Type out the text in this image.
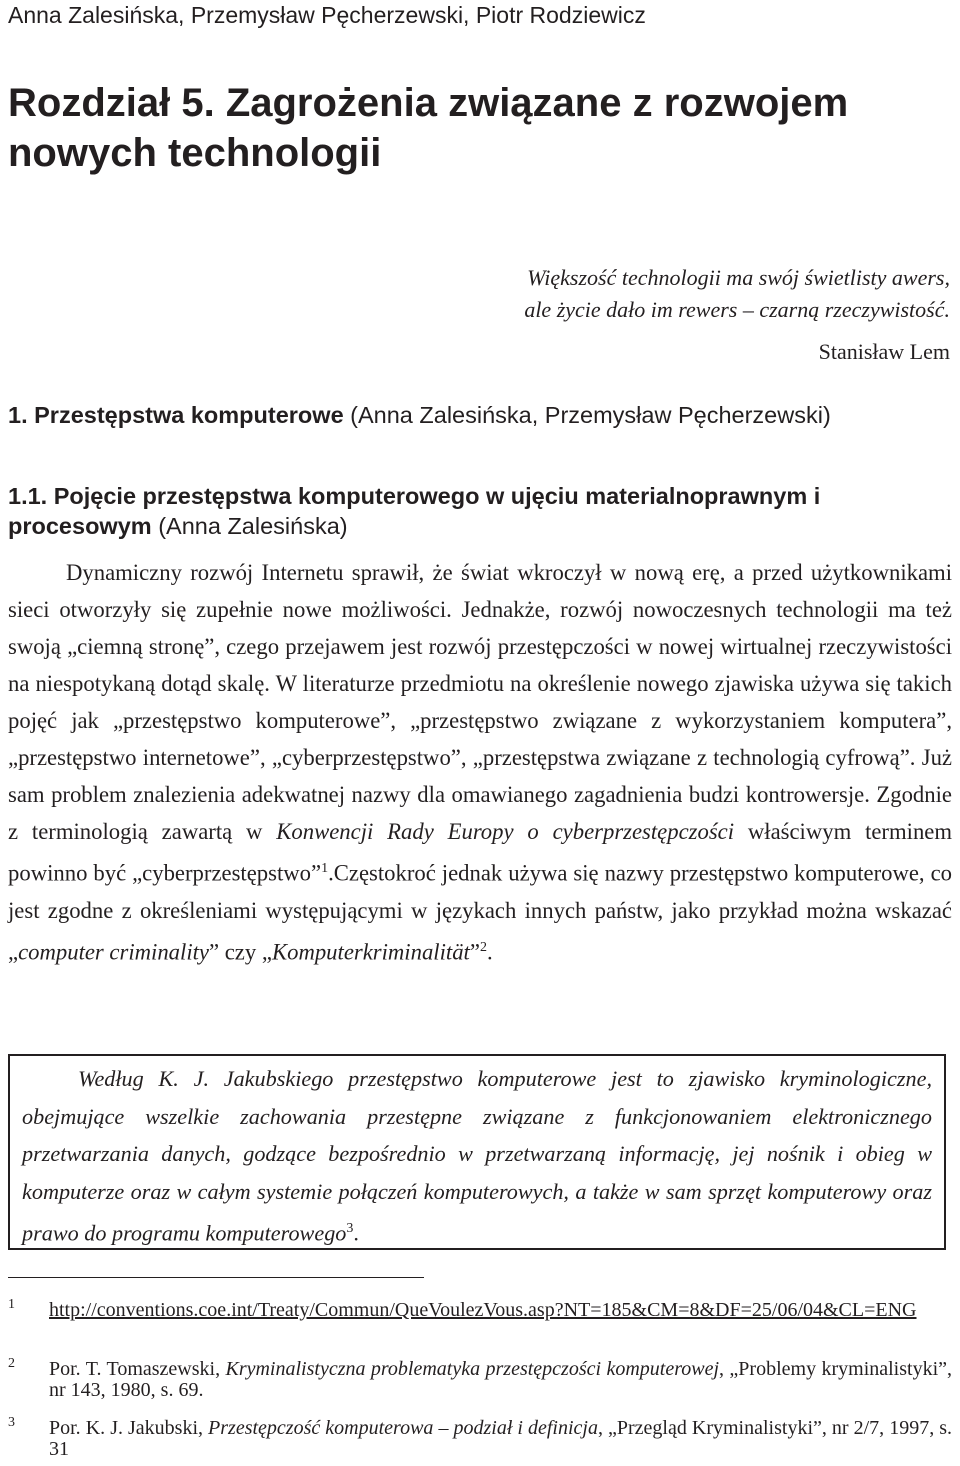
Anna Zalesińska, Przemysław Pęcherzewski, Piotr Rodziewicz
Rozdział 5. Zagrożenia związane z rozwojem nowych technologii
Większość technologii ma swój świetlisty awers,
ale życie dało im rewers – czarną rzeczywistość.
Stanisław Lem
1. Przestępstwa komputerowe (Anna Zalesińska, Przemysław Pęcherzewski)
1.1. Pojęcie przestępstwa komputerowego w ujęciu materialnoprawnym i procesowym (Anna Zalesińska)

Dynamiczny rozwój Internetu sprawił, że świat wkroczył w nową erę, a przed użytkownikami sieci otworzyły się zupełnie nowe możliwości. Jednakże, rozwój nowoczesnych technologii ma też swoją „ciemną stronę”, czego przejawem jest rozwój przestępczości w nowej wirtualnej rzeczywistości na niespotykaną dotąd skalę. W literaturze przedmiotu na określenie nowego zjawiska używa się takich pojęć jak „przestępstwo komputerowe”, „przestępstwo związane z wykorzystaniem komputera”, „przestępstwo internetowe”, „cyberprzestępstwo”, „przestępstwa związane z technologią cyfrową”. Już sam problem znalezienia adekwatnej nazwy dla omawianego zagadnienia budzi kontrowersje. Zgodnie z terminologią zawartą w Konwencji Rady Europy o cyberprzestępczości właściwym terminem powinno być „cyberprzestępstwo”$^1$.Częstokroć jednak używa się nazwy przestępstwo komputerowe, co jest zgodne z określeniami występującymi w językach innych państw, jako przykład można wskazać „computer criminality” czy „Komputerkriminalität”$^2$.

Według K. J. Jakubskiego przestępstwo komputerowe jest to zjawisko kryminologiczne, obejmujące wszelkie zachowania przestępne związane z funkcjonowaniem elektronicznego przetwarzania danych, godzące bezpośrednio w przetwarzaną informację, jej nośnik i obieg w komputerze oraz w całym systemie połączeń komputerowych, a także w sam sprzęt komputerowy oraz prawo do programu komputerowego$^3$.

1 http://conventions.coe.int/Treaty/Commun/QueVoulezVous.asp?NT=185&CM=8&DF=25/06/04&CL=ENG
2 Por. T. Tomaszewski, Kryminalistyczna problematyka przestępczości komputerowej, „Problemy kryminalistyki”, nr 143, 1980, s. 69.
3 Por. K. J. Jakubski, Przestępczość komputerowa – podział i definicja, „Przegląd Kryminalistyki”, nr 2/7, 1997, s. 31
